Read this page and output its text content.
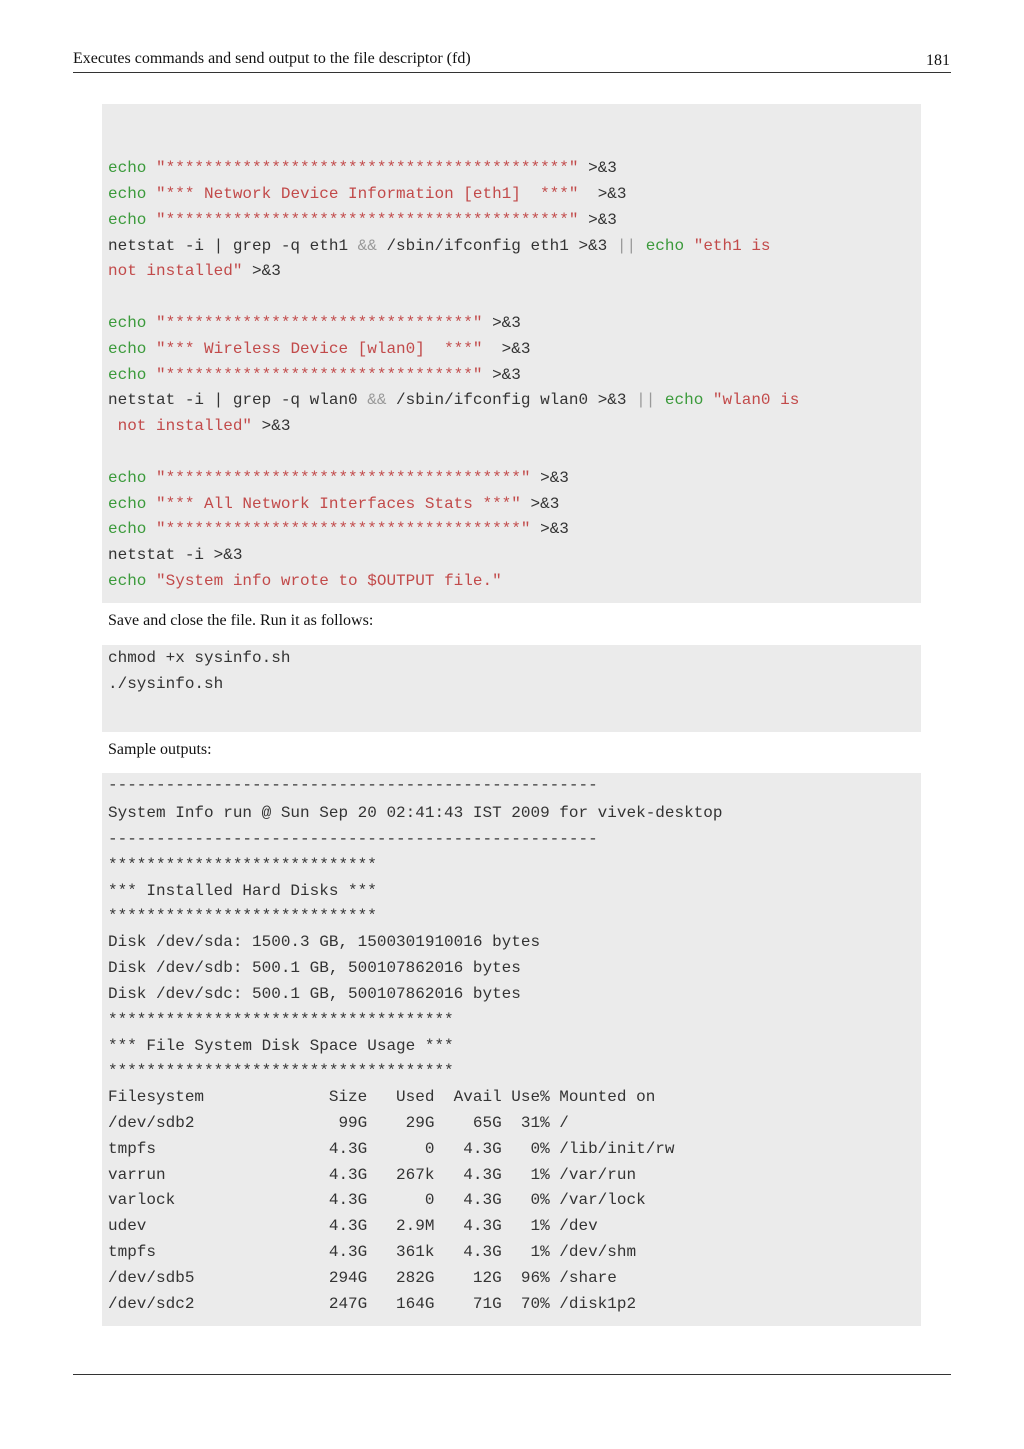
Executes commands and send output to the file descriptor (fd)	181
echo "******************************************" >&3
echo "*** Network Device Information [eth1]  ***" >&3
echo "******************************************" >&3
netstat -i | grep -q eth1 && /sbin/ifconfig eth1 >&3 || echo "eth1 is
not installed" >&3
echo "********************************" >&3
echo "*** Wireless Device [wlan0]  ***" >&3
echo "********************************" >&3
netstat -i | grep -q wlan0 && /sbin/ifconfig wlan0 >&3 || echo "wlan0 is
not installed" >&3
echo "*************************************" >&3
echo "*** All Network Interfaces Stats ***" >&3
echo "*************************************" >&3
netstat -i >&3
echo "System info wrote to $OUTPUT file."
Save and close the file. Run it as follows:
chmod +x sysinfo.sh
./sysinfo.sh
Sample outputs:
---------------------------------------------------
System Info run @ Sun Sep 20 02:41:43 IST 2009 for vivek-desktop
---------------------------------------------------
****************************
*** Installed Hard Disks ***
****************************
Disk /dev/sda: 1500.3 GB, 1500301910016 bytes
Disk /dev/sdb: 500.1 GB, 500107862016 bytes
Disk /dev/sdc: 500.1 GB, 500107862016 bytes
************************************
*** File System Disk Space Usage ***
************************************
Filesystem             Size   Used  Avail Use% Mounted on
/dev/sdb2               99G    29G    65G  31% /
tmpfs                  4.3G      0   4.3G   0% /lib/init/rw
varrun                 4.3G   267k   4.3G   1% /var/run
varlock                4.3G      0   4.3G   0% /var/lock
udev                   4.3G   2.9M   4.3G   1% /dev
tmpfs                  4.3G   361k   4.3G   1% /dev/shm
/dev/sdb5              294G   282G    12G  96% /share
/dev/sdc2              247G   164G    71G  70% /disk1p2
